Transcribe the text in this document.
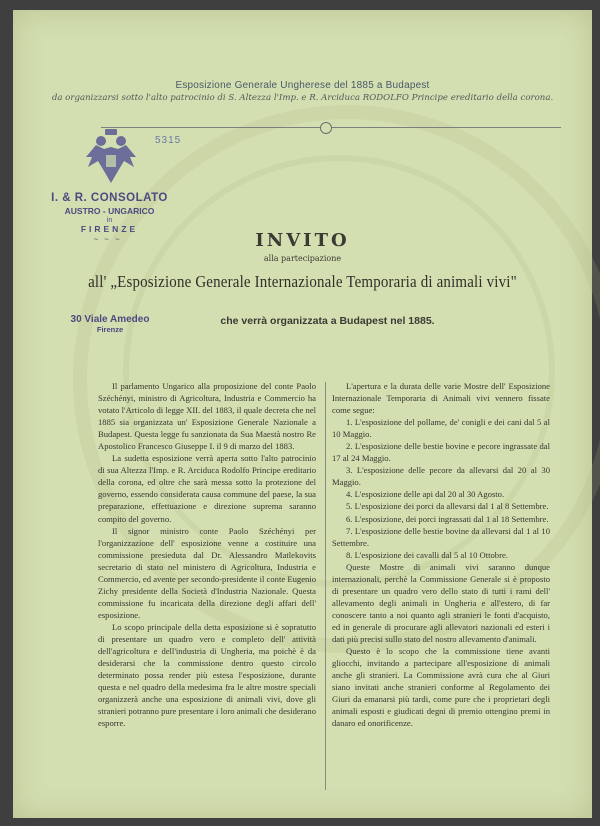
Esposizione Generale Ungherese del 1885 a Budapest
da organizzarsi sotto l'alto patrocinio di S. Altezza l'Imp. e R. Arciduca RODOLFO Principe ereditario della corona.
5315
I. & R. CONSOLATO
AUSTRO - UNGARICO
in
FIRENZE
~~~
30 Viale Amedeo
Firenze
INVITO
alla partecipazione
all' „Esposizione Generale Internazionale Temporaria di animali vivi"
che verrà organizzata a Budapest nel 1885.

Il parlamento Ungarico alla proposizione del conte Paolo Széchényi, ministro di Agricoltura, Industria e Commercio ha votato l'Articolo di legge XII. del 1883, il quale decreta che nel 1885 sia organizzata un' Esposizione Generale Nazionale a Budapest. Questa legge fu sanzionata da Sua Maestà nostro Re Apostolico Francesco Giuseppe I. il 9 di marzo del 1883.

La sudetta esposizione verrà aperta sotto l'alto patrocinio di sua Altezza l'Imp. e R. Arciduca Rodolfo Principe ereditario della corona, ed oltre che sarà messa sotto la protezione del governo, essendo considerata causa commune del paese, la sua preparazione, effettuazione e direzione suprema saranno compito del governo.

Il signor ministro conte Paolo Széchényi per l'organizzazione dell' esposizione venne a costituire una commissione presieduta dal Dr. Alessandro Matlekovits secretario di stato nel ministero di Agricoltura, Industria e Commercio, ed avente per secondo-presidente il conte Eugenio Zichy presidente della Società d'Industria Nazionale. Questa commissione fu incaricata della direzione degli affari dell' esposizione.

Lo scopo principale della detta esposizione si è sopratutto di presentare un quadro vero e completo dell' attività dell'agricoltura e dell'industria di Ungheria, ma poichè è da desiderarsi che la commissione dentro questo circolo determinato possa render più estesa l'esposizione, durante questa e nel quadro della medesima fra le altre mostre speciali organizzerà anche una esposizione di animali vivi, dove gli stranieri potranno pure presentare i loro animali che desiderano esporre.

L'apertura e la durata delle varie Mostre dell' Esposizione Internazionale Temporaria di Animali vivi vennero fissate come segue:

1. L'esposizione del pollame, de' conigli e dei cani dal 5 al 10 Maggio.

2. L'esposizione delle bestie bovine e pecore ingrassate dal 17 al 24 Maggio.

3. L'esposizione delle pecore da allevarsi dal 20 al 30 Maggio.

4. L'esposizione delle api dal 20 al 30 Agosto.

5. L'esposizione dei porci da allevarsi dal 1 al 8 Settembre.

6. L'esposizione, dei porci ingrassati dal 1 al 18 Settembre.

7. L'esposizione delle bestie bovine da allevarsi dal 1 al 10 Settembre.

8. L'esposizione dei cavalli dal 5 al 10 Ottobre.

Queste Mostre di animali vivi saranno dunque internazionali, perchè la Commissione Generale si è proposto di presentare un quadro vero dello stato di tutti i rami dell' allevamento degli animali in Ungheria e all'estero, di far conoscere tanto a noi quanto agli stranieri le fonti d'acquisto, ed in generale di procurare agli allevatori nazionali ed esteri i dati più precisi sullo stato del nostro allevamento d'animali.

Questo è lo scopo che la commissione tiene avanti gliocchi, invitando a partecipare all'esposizione di animali anche gli stranieri. La Commissione avrà cura che al Giuri siano invitati anche stranieri conforme al Regolamento dei Giuri da emanarsi più tardi, come pure che i proprietari degli animali esposti e giudicati degni di premio ottengino premi in danaro ed onorificenze.
